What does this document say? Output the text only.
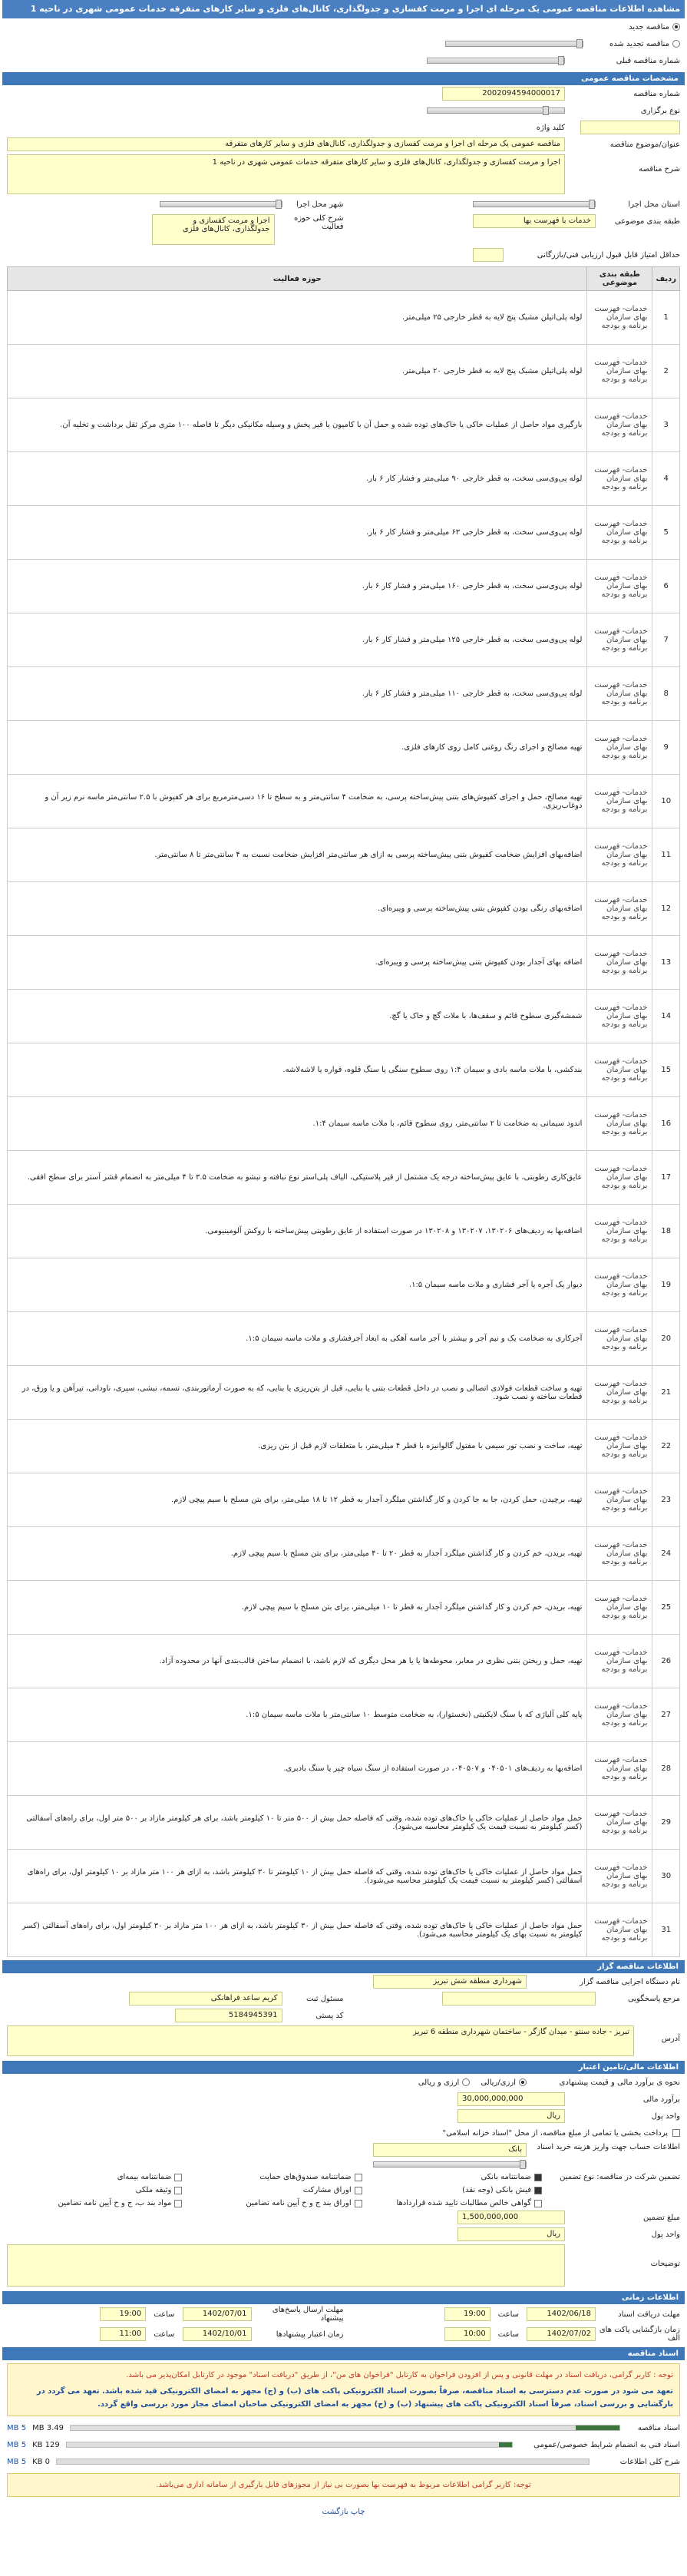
مشاهده اطلاعات مناقصه عمومی یک مرحله ای اجرا و مرمت کفسازی و جدولگذاری، کانال‌های فلزی و سایر کارهای متفرقه خدمات عمومی شهری در ناحیه 1
مناقصه جدید
مناقصه تجدید شده
شماره مناقصه قبلی
مشخصات مناقصه عمومی
شماره مناقصه
2002094594000017
نوع برگزاری
کلید واژه
عنوان/موضوع مناقصه
مناقصه عمومی یک مرحله ای اجرا و مرمت کفسازی و جدولگذاری، کانال‌های فلزی و سایر کارهای متفرقه
شرح مناقصه
اجرا و مرمت کفسازی و جدولگذاری، کانال‌های فلزی و سایر کارهای متفرقه خدمات عمومی شهری در ناحیه 1
استان محل اجرا
شهر محل اجرا
طبقه بندی موضوعی
خدمات با فهرست بها
شرح کلی حوزه فعالیت
اجرا و مرمت کفسازی و جدولگذاری، کانال‌های فلزی
حداقل امتیاز قابل قبول ارزیابی فنی/بازرگانی
ردیف	طبقه بندی موضوعی	حوزه فعالیت
1	خدمات- فهرست بهای سازمان برنامه و بودجه	لوله پلی‌اتیلن مشبک پنج لایه به قطر خارجی ۲۵ میلی‌متر.
2	خدمات- فهرست بهای سازمان برنامه و بودجه	لوله پلی‌اتیلن مشبک پنج لایه به قطر خارجی ۲۰ میلی‌متر.
3	خدمات- فهرست بهای سازمان برنامه و بودجه	بارگیری مواد حاصل از عملیات خاکی یا خاک‌های توده شده و حمل آن با کامیون یا قیر پخش و وسیله مکانیکی دیگر تا فاصله ۱۰۰ متری مرکز ثقل برداشت و تخلیه آن.
4	خدمات- فهرست بهای سازمان برنامه و بودجه	لوله پی‌وی‌سی سخت، به قطر خارجی ۹۰ میلی‌متر و فشار کار ۶ بار.
5	خدمات- فهرست بهای سازمان برنامه و بودجه	لوله پی‌وی‌سی سخت، به قطر خارجی ۶۳ میلی‌متر و فشار کار ۶ بار.
6	خدمات- فهرست بهای سازمان برنامه و بودجه	لوله پی‌وی‌سی سخت، به قطر خارجی ۱۶۰ میلی‌متر و فشار کار ۶ بار.
7	خدمات- فهرست بهای سازمان برنامه و بودجه	لوله پی‌وی‌سی سخت، به قطر خارجی ۱۲۵ میلی‌متر و فشار کار ۶ بار.
8	خدمات- فهرست بهای سازمان برنامه و بودجه	لوله پی‌وی‌سی سخت، به قطر خارجی ۱۱۰ میلی‌متر و فشار کار ۶ بار.
9	خدمات- فهرست بهای سازمان برنامه و بودجه	تهیه مصالح و اجرای رنگ روغنی کامل روی کارهای فلزی.
10	خدمات- فهرست بهای سازمان برنامه و بودجه	تهیه مصالح، حمل و اجرای کفپوش‌های بتنی پیش‌ساخته پرسی، به ضخامت ۴ سانتی‌متر و به سطح تا ۱۶ دسی‌مترمربع برای هر کفپوش با ۲.۵ سانتی‌متر ماسه نرم زیر آن و دوغاب‌ریزی.
11	خدمات- فهرست بهای سازمان برنامه و بودجه	اضافه‌بهای افزایش ضخامت کفپوش بتنی پیش‌ساخته پرسی به ازای هر سانتی‌متر افزایش ضخامت نسبت به ۴ سانتی‌متر تا ۸ سانتی‌متر.
12	خدمات- فهرست بهای سازمان برنامه و بودجه	اضافه‌بهای رنگی بودن کفپوش بتنی پیش‌ساخته پرسی و ویبره‌ای.
13	خدمات- فهرست بهای سازمان برنامه و بودجه	اضافه بهای آجدار بودن کفپوش بتنی پیش‌ساخته پرسی و ویبره‌ای.
14	خدمات- فهرست بهای سازمان برنامه و بودجه	شمشه‌گیری سطوح قائم و سقف‌ها، با ملات گچ و خاک یا گچ.
15	خدمات- فهرست بهای سازمان برنامه و بودجه	بندکشی، با ملات ماسه بادی و سیمان ۱:۴ روی سطوح سنگی یا سنگ قلوه، قواره یا لاشه‌لاشه.
16	خدمات- فهرست بهای سازمان برنامه و بودجه	اندود سیمانی به ضخامت تا ۲ سانتی‌متر، روی سطوح قائم، با ملات ماسه سیمان ۱:۴.
17	خدمات- فهرست بهای سازمان برنامه و بودجه	عایق‌کاری رطوبتی، با عایق پیش‌ساخته درجه یک مشتمل از قیر پلاستیکی، الیاف پلی‌استر نوع نبافته و نبشو به ضخامت ۳.۵ تا ۴ میلی‌متر به انضمام قشر آستر برای سطح افقی.
18	خدمات- فهرست بهای سازمان برنامه و بودجه	اضافه‌بها به ردیف‌های ۱۳۰۲۰۶، ۱۳۰۲۰۷ و ۱۳۰۲۰۸ در صورت استفاده از عایق رطوبتی پیش‌ساخته با روکش آلومینیومی.
19	خدمات- فهرست بهای سازمان برنامه و بودجه	دیوار یک آجره یا آجر فشاری و ملات ماسه سیمان ۱:۵.
20	خدمات- فهرست بهای سازمان برنامه و بودجه	آجرکاری به ضخامت یک و نیم آجر و بیشتر با آجر ماسه آهکی به ابعاد آجرفشاری و ملات ماسه سیمان ۱:۵.
21	خدمات- فهرست بهای سازمان برنامه و بودجه	تهیه و ساخت قطعات فولادی اتصالی و نصب در داخل قطعات بتنی یا بنایی، قبل از بتن‌ریزی یا بنایی، که به صورت آرماتوربندی، تسمه، نبشی، سپری، ناودانی، تیرآهن و یا ورق، در قطعات ساخته و نصب شود.
22	خدمات- فهرست بهای سازمان برنامه و بودجه	تهیه، ساخت و نصب تور سیمی با مفتول گالوانیزه با قطر ۴ میلی‌متر، با متعلقات لازم قبل از بتن ریزی.
23	خدمات- فهرست بهای سازمان برنامه و بودجه	تهیه، برچیدن، حمل کردن، جا به جا کردن و کار گذاشتن میلگرد آجدار به قطر ۱۲ تا ۱۸ میلی‌متر، برای بتن مسلح با سیم پیچی لازم.
24	خدمات- فهرست بهای سازمان برنامه و بودجه	تهیه، بریدن، خم کردن و کار گذاشتن میلگرد آجدار به قطر ۲۰ تا ۴۰ میلی‌متر، برای بتن مسلح با سیم پیچی لازم.
25	خدمات- فهرست بهای سازمان برنامه و بودجه	تهیه، بریدن، خم کردن و کار گذاشتن میلگرد آجدار به قطر تا ۱۰ میلی‌متر، برای بتن مسلح با سیم پیچی لازم.
26	خدمات- فهرست بهای سازمان برنامه و بودجه	تهیه، حمل و ریختن بتنی نظری در معابر، محوطه‌ها یا یا هر محل دیگری که لازم باشد، با انضمام ساختن قالب‌بندی آنها در محدوده آزاد.
27	خدمات- فهرست بهای سازمان برنامه و بودجه	پایه کلی آلیاژی که با سنگ لایکنیتی (نخستوار)، به ضخامت متوسط ۱۰ سانتی‌متر با ملات ماسه سیمان ۱:۵.
28	خدمات- فهرست بهای سازمان برنامه و بودجه	اضافه‌بها به ردیف‌های ۰۴۰۵۰۱ و ۰۴۰۵۰۷، در صورت استفاده از سنگ سیاه چپر یا سنگ بادبری.
29	خدمات- فهرست بهای سازمان برنامه و بودجه	حمل مواد حاصل از عملیات خاکی یا خاک‌های توده شده، وقتی که فاصله حمل بیش از ۵۰۰ متر تا ۱۰ کیلومتر باشد، برای هر کیلومتر مازاد بر ۵۰۰ متر اول، برای راه‌های آسفالتی (کسر کیلومتر به نسبت قیمت یک کیلومتر محاسبه می‌شود).
30	خدمات- فهرست بهای سازمان برنامه و بودجه	حمل مواد حاصل از عملیات خاکی یا خاک‌های توده شده، وقتی که فاصله حمل بیش از ۱۰ کیلومتر تا ۳۰ کیلومتر باشد، به ازای هر ۱۰۰ متر مازاد بر ۱۰ کیلومتر اول، برای راه‌های آسفالتی (کسر کیلومتر به نسبت قیمت یک کیلومتر محاسبه می‌شود).
31	خدمات- فهرست بهای سازمان برنامه و بودجه	حمل مواد حاصل از عملیات خاکی یا خاک‌های توده شده، وقتی که فاصله حمل بیش از ۳۰ کیلومتر باشد، به ازای هر ۱۰۰ متر مازاد بر ۳۰ کیلومتر اول، برای راه‌های آسفالتی (کسر کیلومتر به نسبت بهای یک کیلومتر محاسبه می‌شود).
اطلاعات مناقصه گزار
نام دستگاه اجرایی مناقصه گزار
شهرداری منطقه شش تبریز
مرجع پاسخگویی
مسئول ثبت
کریم ساعد فراهانکی
کد پستی
5184945391
آدرس
تبریز - جاده سنتو - میدان گازگر - ساختمان شهرداری منطقه 6 تبریز
اطلاعات مالی/تامین اعتبار
نحوه ی برآورد مالی و قیمت پیشنهادی
ارزی/ریالی
ارزی و ریالی
برآورد مالی
30,000,000,000
واحد پول
ریال
پرداخت بخشی یا تمامی از مبلغ مناقصه، از محل "اسناد خزانه اسلامی"
اطلاعات حساب جهت واریز هزینه خرید اسناد
بانک
تضمین شرکت در مناقصه: نوع تضمین
ضمانتنامه بانکی
ضمانتنامه صندوق‌های حمایت
ضمانتنامه بیمه‌ای
فیش بانکی (وجه نقد)
اوراق مشارکت
وثیقه ملکی
گواهی خالص مطالبات تایید شده قراردادها
اوراق بند ج و ح آیین نامه تضامین
مواد بند ب، ج و ح آیین نامه تضامین
مبلغ تضمین
1,500,000,000
واحد پول
ریال
توضیحات
اطلاعات زمانی
مهلت دریافت اسناد
1402/06/18
ساعت
19:00
مهلت ارسال پاسخ‌های پیشنهاد
1402/07/01
ساعت
19:00
زمان بازگشایی پاکت های الف
1402/07/02
ساعت
10:00
زمان اعتبار پیشنهادها
1402/10/01
ساعت
11:00
اسناد مناقصه
توجه : کاربر گرامی، دریافت اسناد در مهلت قانونی و پس از افزودن فراخوان به کارتابل "فراخوان های من"، از طریق "دریافت اسناد" موجود در کارتابل امکان‌پذیر می باشد.
تعهد می شود در صورت عدم دسترسی به اسناد مناقصه، صرفاً بصورت اسناد الکترونیکی پاکت های (ب) و (ج) مجهز به امضای الکترونیکی قید شده باشد. تعهد می گردد در بارگشایی و بررسی اسناد، صرفاً اسناد الکترونیکی پاکت های پیشنهاد (ب) و (ج) مجهز به امضای الکترونیکی صاحبان امضای مجاز مورد بررسی واقع گردد.
اسناد مناقصه
3.49 MB
5 MB
اسناد فنی به انضمام شرایط خصوصی/عمومی
129 KB
5 MB
شرح کلی اطلاعات
0 KB
5 MB
توجه: کاربر گرامی اطلاعات مربوط به فهرست بها بصورت بی نیاز از مجوزهای قابل بارگیری از سامانه اداری می‌باشد.
چاپ بازگشت
